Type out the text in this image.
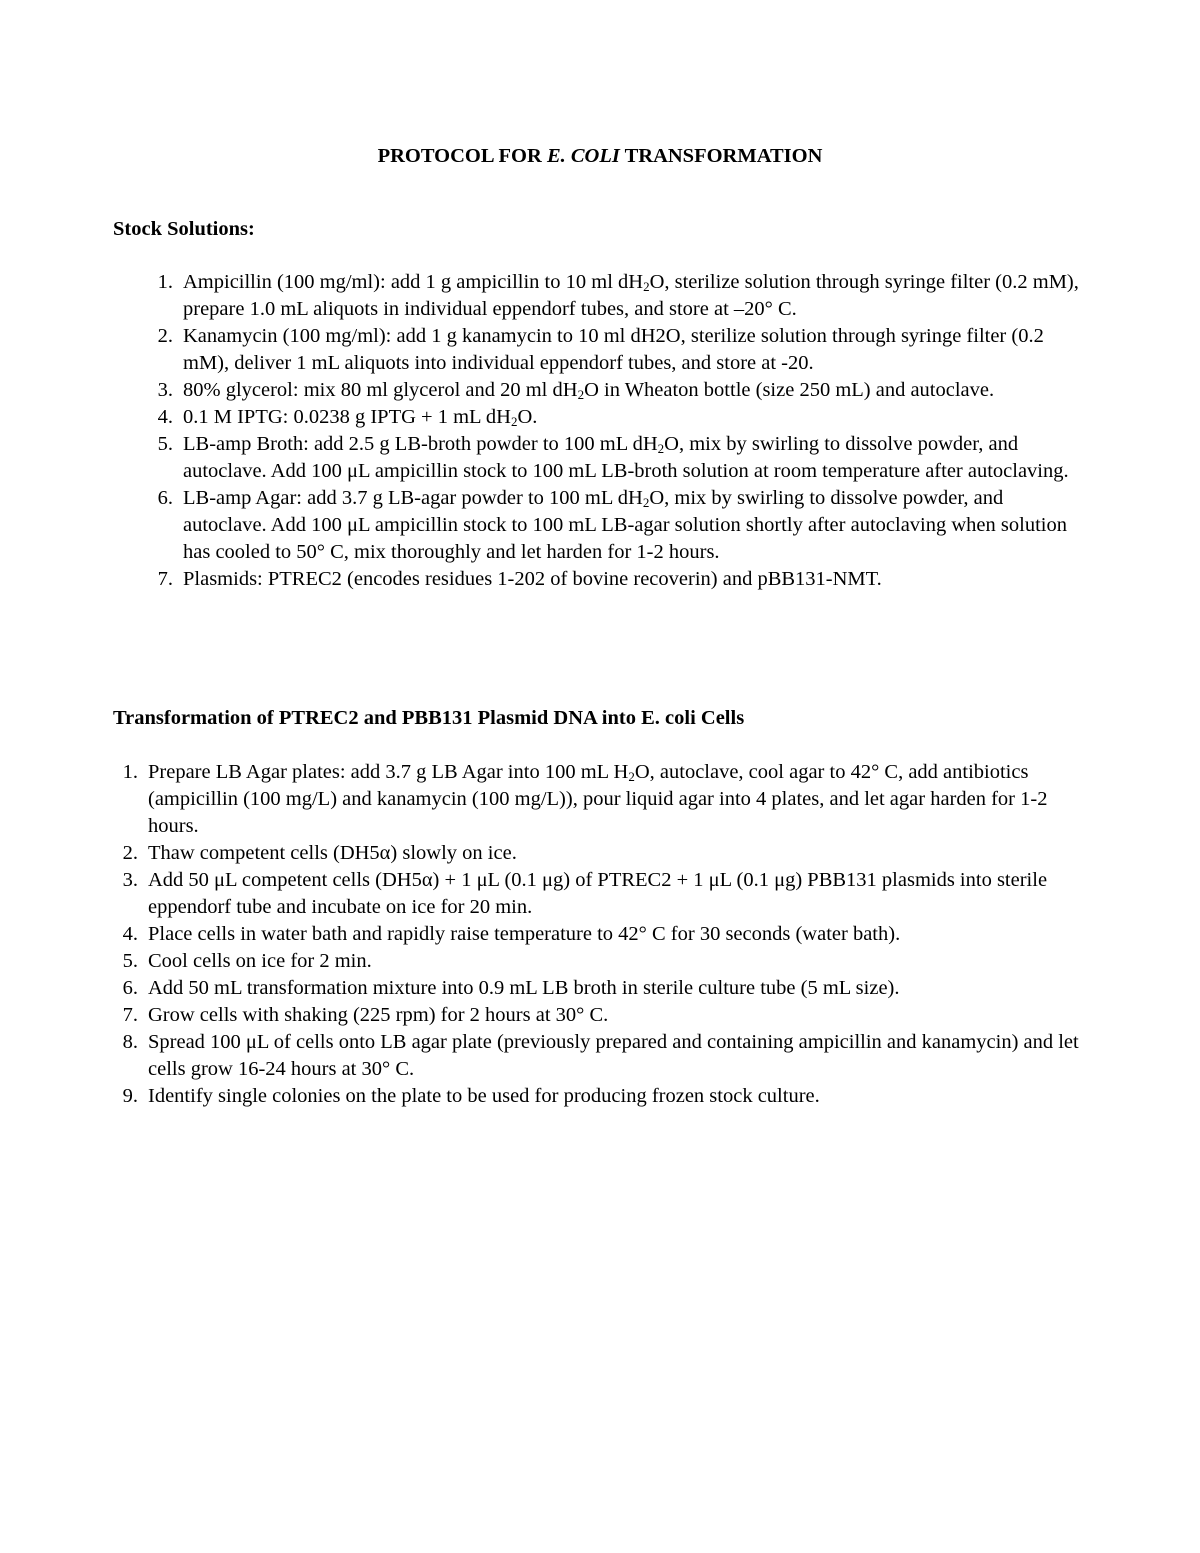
PROTOCOL FOR E. COLI TRANSFORMATION
Stock Solutions:
1. Ampicillin (100 mg/ml): add 1 g ampicillin to 10 ml $dH_2O$, sterilize solution through syringe filter (0.2 mM), prepare 1.0 mL aliquots in individual eppendorf tubes, and store at –20° C.
2. Kanamycin (100 mg/ml): add 1 g kanamycin to 10 ml dH2O, sterilize solution through syringe filter (0.2 mM), deliver 1 mL aliquots into individual eppendorf tubes, and store at -20.
3. 80% glycerol: mix 80 ml glycerol and 20 ml $dH_2O$ in Wheaton bottle (size 250 mL) and autoclave.
4. 0.1 M IPTG: 0.0238 g IPTG + 1 mL $dH_2O$.
5. LB-amp Broth: add 2.5 g LB-broth powder to 100 mL $dH_2O$, mix by swirling to dissolve powder, and autoclave. Add 100 μL ampicillin stock to 100 mL LB-broth solution at room temperature after autoclaving.
6. LB-amp Agar: add 3.7 g LB-agar powder to 100 mL $dH_2O$, mix by swirling to dissolve powder, and autoclave. Add 100 μL ampicillin stock to 100 mL LB-agar solution shortly after autoclaving when solution has cooled to 50° C, mix thoroughly and let harden for 1-2 hours.
7. Plasmids: PTREC2 (encodes residues 1-202 of bovine recoverin) and pBB131-NMT.
Transformation of PTREC2 and PBB131 Plasmid DNA into E. coli Cells
1. Prepare LB Agar plates: add 3.7 g LB Agar into 100 mL $H_2O$, autoclave, cool agar to 42° C, add antibiotics (ampicillin (100 mg/L) and kanamycin (100 mg/L)), pour liquid agar into 4 plates, and let agar harden for 1-2 hours.
2. Thaw competent cells (DH5α) slowly on ice.
3. Add 50 μL competent cells (DH5α) + 1 μL (0.1 μg) of PTREC2 + 1 μL (0.1 μg) PBB131 plasmids into sterile eppendorf tube and incubate on ice for 20 min.
4. Place cells in water bath and rapidly raise temperature to 42° C for 30 seconds (water bath).
5. Cool cells on ice for 2 min.
6. Add 50 mL transformation mixture into 0.9 mL LB broth in sterile culture tube (5 mL size).
7. Grow cells with shaking (225 rpm) for 2 hours at 30° C.
8. Spread 100 μL of cells onto LB agar plate (previously prepared and containing ampicillin and kanamycin) and let cells grow 16-24 hours at 30° C.
9. Identify single colonies on the plate to be used for producing frozen stock culture.
